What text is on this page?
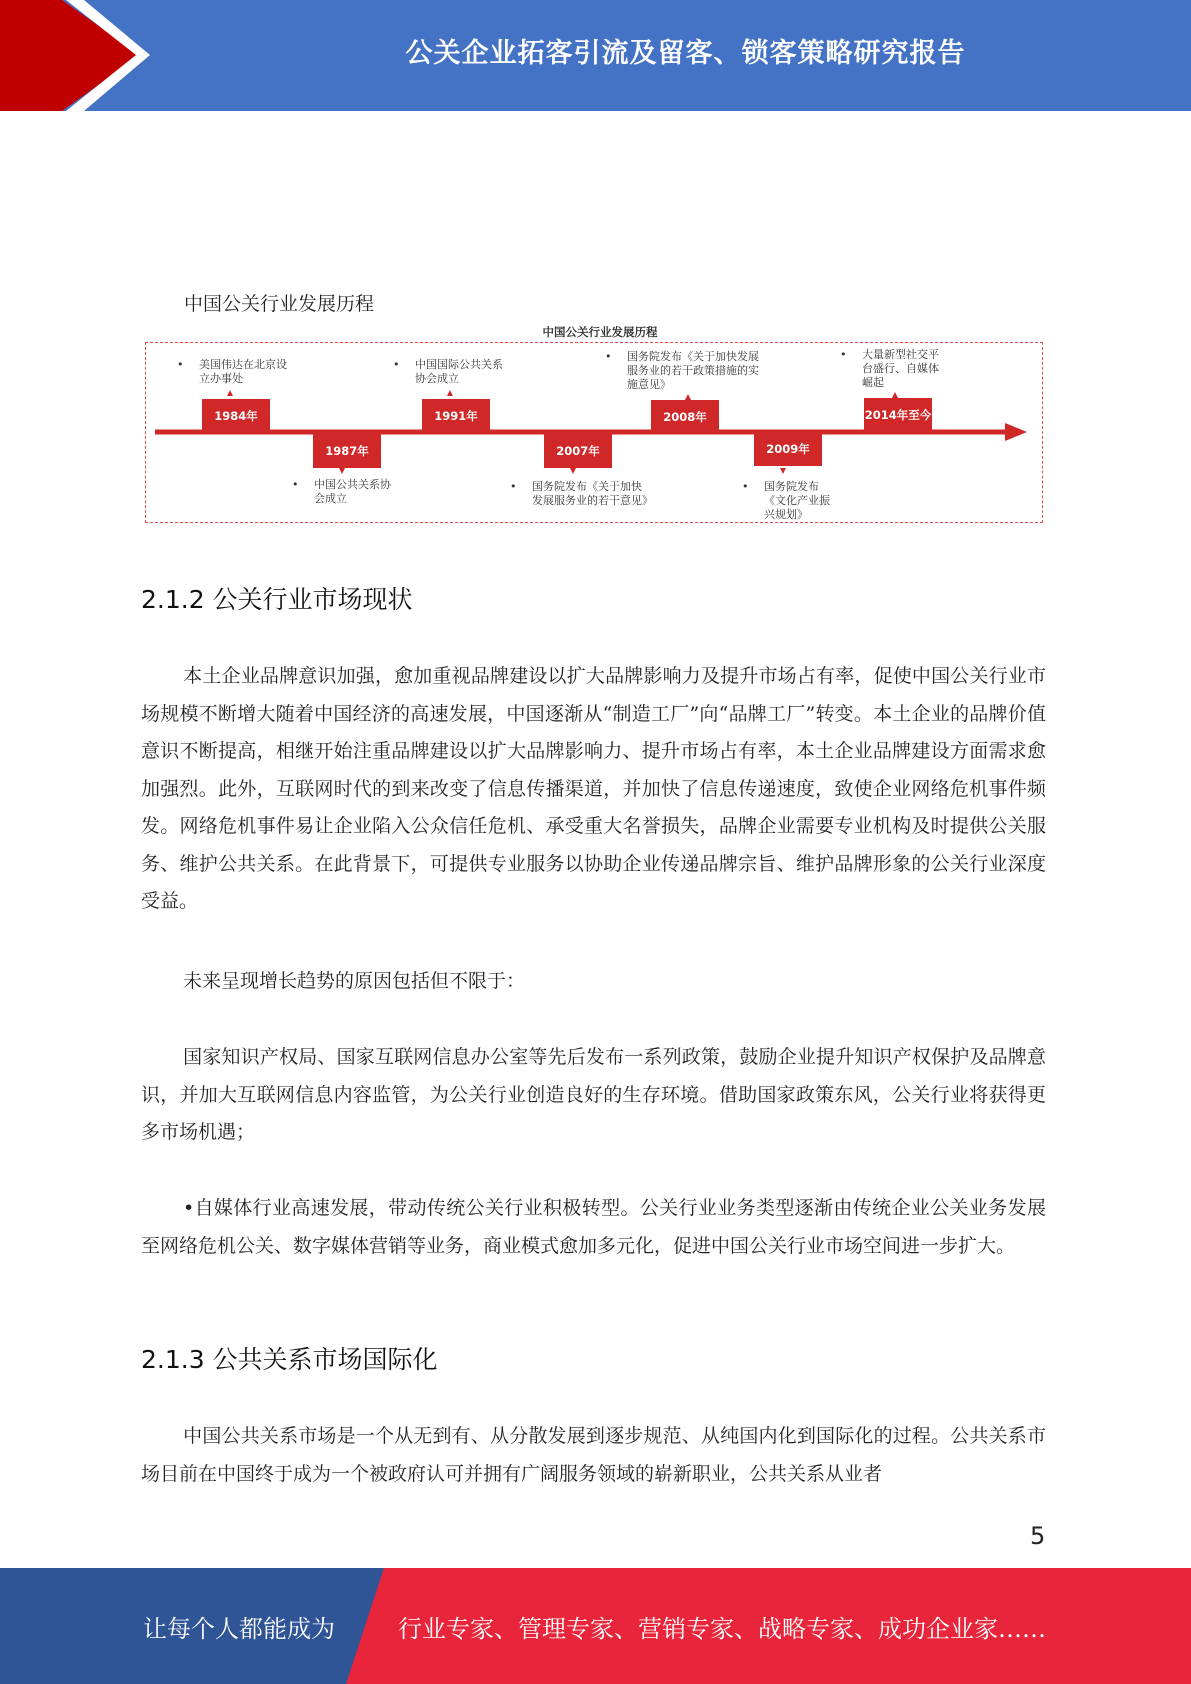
公关企业拓客引流及留客、锁客策略研究报告
中国公关行业发展历程
中国公关行业发展历程
• 美国伟达在北京设立办事处
1984年
• 中国国际公共关系协会成立
1991年
• 国务院发布《关于加快发展服务业的若干政策措施的实施意见》
2008年
• 大量新型社交平台盛行、自媒体崛起
2014年至今
1987年
• 中国公共关系协会成立
2007年
• 国务院发布《关于加快发展服务业的若干意见》
2009年
• 国务院发布《文化产业振兴规划》
2.1.2 公关行业市场现状
本土企业品牌意识加强，愈加重视品牌建设以扩大品牌影响力及提升市场占有率，促使中国公关行业市场规模不断增大随着中国经济的高速发展，中国逐渐从“制造工厂”向“品牌工厂”转变。本土企业的品牌价值意识不断提高，相继开始注重品牌建设以扩大品牌影响力、提升市场占有率，本土企业品牌建设方面需求愈加强烈。此外，互联网时代的到来改变了信息传播渠道，并加快了信息传递速度，致使企业网络危机事件频发。网络危机事件易让企业陷入公众信任危机、承受重大名誉损失，品牌企业需要专业机构及时提供公关服务、维护公共关系。在此背景下，可提供专业服务以协助企业传递品牌宗旨、维护品牌形象的公关行业深度受益。
未来呈现增长趋势的原因包括但不限于：
国家知识产权局、国家互联网信息办公室等先后发布一系列政策，鼓励企业提升知识产权保护及品牌意识，并加大互联网信息内容监管，为公关行业创造良好的生存环境。借助国家政策东风，公关行业将获得更多市场机遇；
•自媒体行业高速发展，带动传统公关行业积极转型。公关行业业务类型逐渐由传统企业公关业务发展至网络危机公关、数字媒体营销等业务，商业模式愈加多元化，促进中国公关行业市场空间进一步扩大。
2.1.3 公共关系市场国际化
中国公共关系市场是一个从无到有、从分散发展到逐步规范、从纯国内化到国际化的过程。公共关系市场目前在中国终于成为一个被政府认可并拥有广阔服务领域的崭新职业，公共关系从业者
5
让每个人都能成为	行业专家、管理专家、营销专家、战略专家、成功企业家……
